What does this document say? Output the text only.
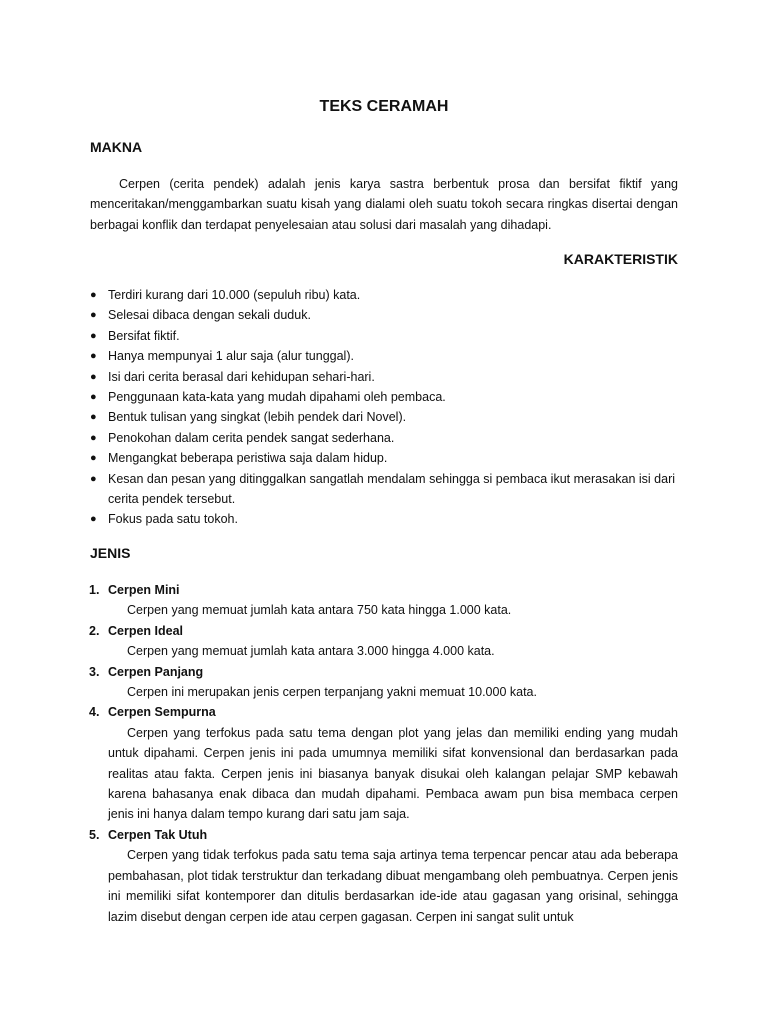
TEKS CERAMAH
MAKNA

Cerpen (cerita pendek) adalah jenis karya sastra berbentuk prosa dan bersifat fiktif yang menceritakan/menggambarkan suatu kisah yang dialami oleh suatu tokoh secara ringkas disertai dengan berbagai konflik dan terdapat penyelesaian atau solusi dari masalah yang dihadapi.

KARAKTERISTIK
● Terdiri kurang dari 10.000 (sepuluh ribu) kata.
● Selesai dibaca dengan sekali duduk.
● Bersifat fiktif.
● Hanya mempunyai 1 alur saja (alur tunggal).
● Isi dari cerita berasal dari kehidupan sehari-hari.
● Penggunaan kata-kata yang mudah dipahami oleh pembaca.
● Bentuk tulisan yang singkat (lebih pendek dari Novel).
● Penokohan dalam cerita pendek sangat sederhana.
● Mengangkat beberapa peristiwa saja dalam hidup.
● Kesan dan pesan yang ditinggalkan sangatlah mendalam sehingga si pembaca ikut merasakan isi dari cerita pendek tersebut.
● Fokus pada satu tokoh.
JENIS
1. Cerpen Mini
Cerpen yang memuat jumlah kata antara 750 kata hingga 1.000 kata.
2. Cerpen Ideal
Cerpen yang memuat jumlah kata antara 3.000 hingga 4.000 kata.
3. Cerpen Panjang
Cerpen ini merupakan jenis cerpen terpanjang yakni memuat 10.000 kata.
4. Cerpen Sempurna
Cerpen yang terfokus pada satu tema dengan plot yang jelas dan memiliki ending yang mudah untuk dipahami. Cerpen jenis ini pada umumnya memiliki sifat konvensional dan berdasarkan pada realitas atau fakta. Cerpen jenis ini biasanya banyak disukai oleh kalangan pelajar SMP kebawah karena bahasanya enak dibaca dan mudah dipahami. Pembaca awam pun bisa membaca cerpen jenis ini hanya dalam tempo kurang dari satu jam saja.
5. Cerpen Tak Utuh
Cerpen yang tidak terfokus pada satu tema saja artinya tema terpencar pencar atau ada beberapa pembahasan, plot tidak terstruktur dan terkadang dibuat mengambang oleh pembuatnya. Cerpen jenis ini memiliki sifat kontemporer dan ditulis berdasarkan ide-ide atau gagasan yang orisinal, sehingga lazim disebut dengan cerpen ide atau cerpen gagasan. Cerpen ini sangat sulit untuk
